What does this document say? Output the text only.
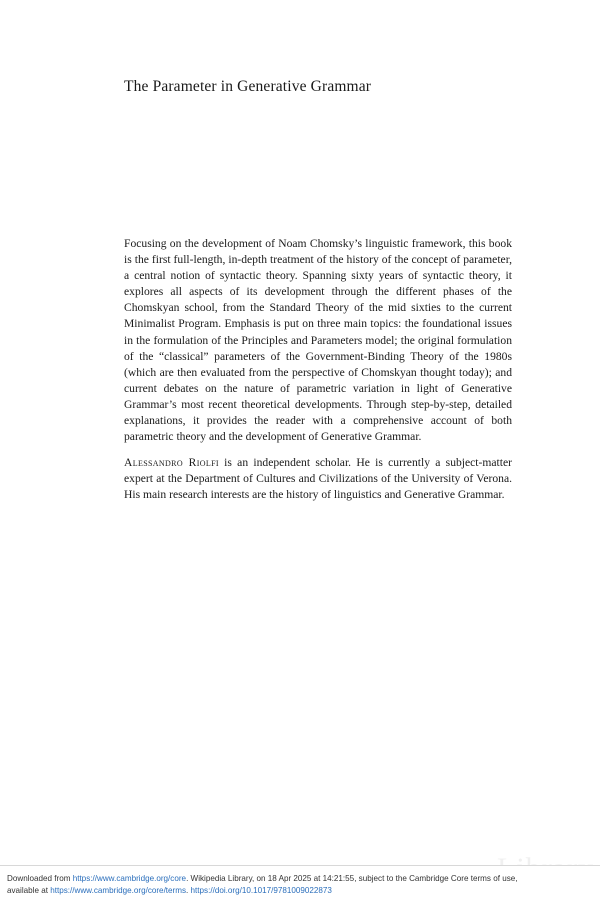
The Parameter in Generative Grammar
Focusing on the development of Noam Chomsky’s linguistic framework, this book is the first full-length, in-depth treatment of the history of the concept of parameter, a central notion of syntactic theory. Spanning sixty years of syntactic theory, it explores all aspects of its development through the different phases of the Chomskyan school, from the Standard Theory of the mid sixties to the current Minimalist Program. Emphasis is put on three main topics: the foundational issues in the formulation of the Principles and Parameters model; the original formulation of the “classical” parameters of the Government-Binding Theory of the 1980s (which are then evaluated from the perspective of Chomskyan thought today); and current debates on the nature of parametric variation in light of Generative Grammar’s most recent theoretical developments. Through step-by-step, detailed explanations, it provides the reader with a comprehensive account of both parametric theory and the development of Generative Grammar.
Alessandro Riolfi is an independent scholar. He is currently a subject-matter expert at the Department of Cultures and Civilizations of the University of Verona. His main research interests are the history of linguistics and Generative Grammar.
Downloaded from https://www.cambridge.org/core. Wikipedia Library, on 18 Apr 2025 at 14:21:55, subject to the Cambridge Core terms of use,
available at https://www.cambridge.org/core/terms. https://doi.org/10.1017/9781009022873
